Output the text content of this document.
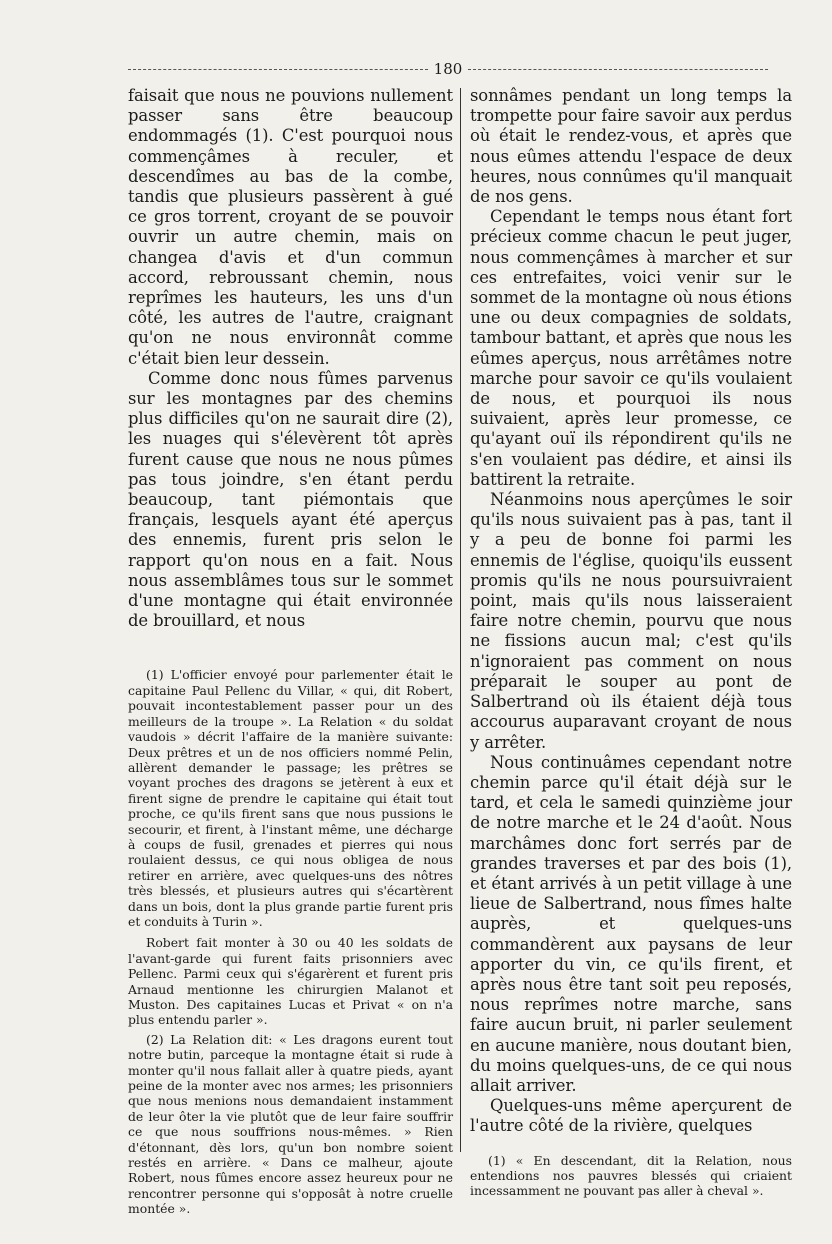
180

faisait que nous ne pouvions nullement passer sans être beaucoup endommagés (1). C'est pourquoi nous commençâmes à reculer, et descendîmes au bas de la combe, tandis que plusieurs passèrent à gué ce gros torrent, croyant de se pouvoir ouvrir un autre chemin, mais on changea d'avis et d'un commun accord, rebroussant chemin, nous reprîmes les hauteurs, les uns d'un côté, les autres de l'autre, craignant qu'on ne nous environnât comme c'était bien leur dessein.

Comme donc nous fûmes parvenus sur les montagnes par des chemins plus difficiles qu'on ne saurait dire (2), les nuages qui s'élevèrent tôt après furent cause que nous ne nous pûmes pas tous joindre, s'en étant perdu beaucoup, tant piémontais que français, lesquels ayant été aperçus des ennemis, furent pris selon le rapport qu'on nous en a fait. Nous nous assemblâmes tous sur le sommet d'une montagne qui était environnée de brouillard, et nous

(1) L'officier envoyé pour parlementer était le capitaine Paul Pellenc du Villar, « qui, dit Robert, pouvait incontestablement passer pour un des meilleurs de la troupe ». La Relation « du soldat vaudois » décrit l'affaire de la manière suivante: Deux prêtres et un de nos officiers nommé Pelin, allèrent demander le passage; les prêtres se voyant proches des dragons se jetèrent à eux et firent signe de prendre le capitaine qui était tout proche, ce qu'ils firent sans que nous pussions le secourir, et firent, à l'instant même, une décharge à coups de fusil, grenades et pierres qui nous roulaient dessus, ce qui nous obligea de nous retirer en arrière, avec quelques-uns des nôtres très blessés, et plusieurs autres qui s'écartèrent dans un bois, dont la plus grande partie furent pris et conduits à Turin ».

Robert fait monter à 30 ou 40 les soldats de l'avant-garde qui furent faits prisonniers avec Pellenc. Parmi ceux qui s'égarèrent et furent pris Arnaud mentionne les chirurgien Malanot et Muston. Des capitaines Lucas et Privat « on n'a plus entendu parler ».

(2) La Relation dit: « Les dragons eurent tout notre butin, parceque la montagne était si rude à monter qu'il nous fallait aller à quatre pieds, ayant peine de la monter avec nos armes; les prisonniers que nous menions nous demandaient instamment de leur ôter la vie plutôt que de leur faire souffrir ce que nous souffrions nous-mêmes. » Rien d'étonnant, dès lors, qu'un bon nombre soient restés en arrière. « Dans ce malheur, ajoute Robert, nous fûmes encore assez heureux pour ne rencontrer personne qui s'opposât à notre cruelle montée ».

sonnâmes pendant un long temps la trompette pour faire savoir aux perdus où était le rendez-vous, et après que nous eûmes attendu l'espace de deux heures, nous connûmes qu'il manquait de nos gens.

Cependant le temps nous étant fort précieux comme chacun le peut juger, nous commençâmes à marcher et sur ces entrefaites, voici venir sur le sommet de la montagne où nous étions une ou deux compagnies de soldats, tambour battant, et après que nous les eûmes aperçus, nous arrêtâmes notre marche pour savoir ce qu'ils voulaient de nous, et pourquoi ils nous suivaient, après leur promesse, ce qu'ayant ouï ils répondirent qu'ils ne s'en voulaient pas dédire, et ainsi ils battirent la retraite.

Néanmoins nous aperçûmes le soir qu'ils nous suivaient pas à pas, tant il y a peu de bonne foi parmi les ennemis de l'église, quoiqu'ils eussent promis qu'ils ne nous poursuivraient point, mais qu'ils nous laisseraient faire notre chemin, pourvu que nous ne fissions aucun mal; c'est qu'ils n'ignoraient pas comment on nous préparait le souper au pont de Salbertrand où ils étaient déjà tous accourus auparavant croyant de nous y arrêter.

Nous continuâmes cependant notre chemin parce qu'il était déjà sur le tard, et cela le samedi quinzième jour de notre marche et le 24 d'août. Nous marchâmes donc fort serrés par de grandes traverses et par des bois (1), et étant arrivés à un petit village à une lieue de Salbertrand, nous fîmes halte auprès, et quelques-uns commandèrent aux paysans de leur apporter du vin, ce qu'ils firent, et après nous être tant soit peu reposés, nous reprîmes notre marche, sans faire aucun bruit, ni parler seulement en aucune manière, nous doutant bien, du moins quelques-uns, de ce qui nous allait arriver.

Quelques-uns même aperçurent de l'autre côté de la rivière, quelques

(1) « En descendant, dit la Relation, nous entendions nos pauvres blessés qui criaient incessamment ne pouvant pas aller à cheval ».
